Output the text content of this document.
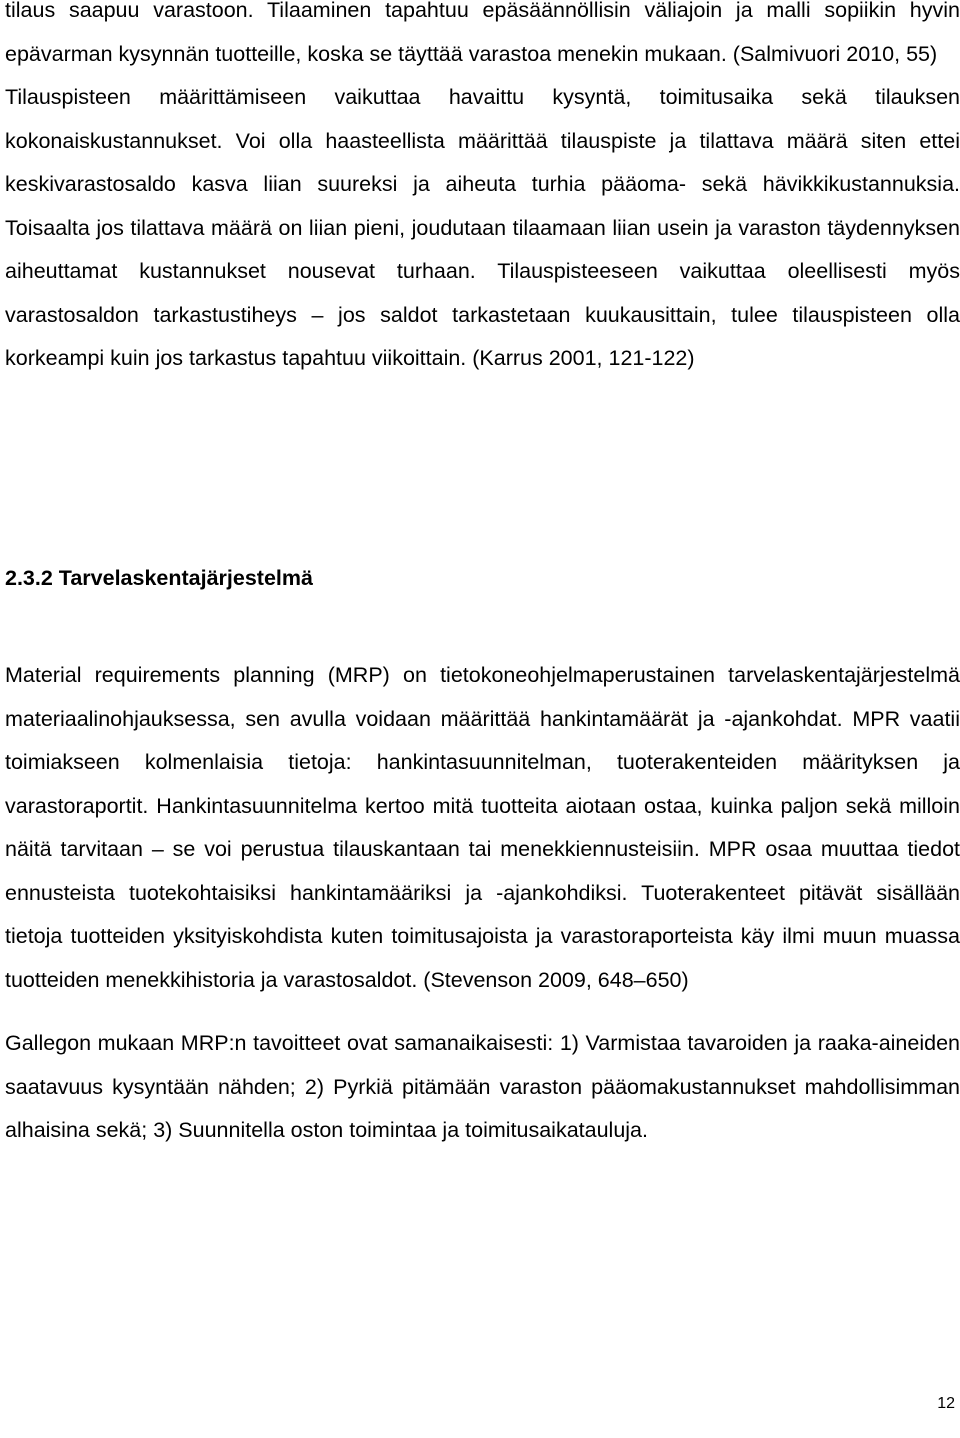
tilaus saapuu varastoon. Tilaaminen tapahtuu epäsäännöllisin väliajoin ja malli sopiikin hyvin epävarman kysynnän tuotteille, koska se täyttää varastoa menekin mukaan. (Salmivuori 2010, 55)

Tilauspisteen määrittämiseen vaikuttaa havaittu kysyntä, toimitusaika sekä tilauksen kokonaiskustannukset. Voi olla haasteellista määrittää tilauspiste ja tilattava määrä siten ettei keskivarastosaldo kasva liian suureksi ja aiheuta turhia pääoma- sekä hävikkikustannuksia. Toisaalta jos tilattava määrä on liian pieni, joudutaan tilaamaan liian usein ja varaston täydennyksen aiheuttamat kustannukset nousevat turhaan. Tilauspisteeseen vaikuttaa oleellisesti myös varastosaldon tarkastustiheys – jos saldot tarkastetaan kuukausittain, tulee tilauspisteen olla korkeampi kuin jos tarkastus tapahtuu viikoittain. (Karrus 2001, 121-122)

2.3.2 Tarvelaskentajärjestelmä

Material requirements planning (MRP) on tietokoneohjelmaperustainen tarvelaskentajärjestelmä materiaalinohjauksessa, sen avulla voidaan määrittää hankintamäärät ja -ajankohdat. MPR vaatii toimiakseen kolmenlaisia tietoja: hankintasuunnitelman, tuoterakenteiden määrityksen ja varastoraportit. Hankintasuunnitelma kertoo mitä tuotteita aiotaan ostaa, kuinka paljon sekä milloin näitä tarvitaan – se voi perustua tilauskantaan tai menekkiennusteisiin. MPR osaa muuttaa tiedot ennusteista tuotekohtaisiksi hankintamääriksi ja -ajankohdiksi. Tuoterakenteet pitävät sisällään tietoja tuotteiden yksityiskohdista kuten toimitusajoista ja varastoraporteista käy ilmi muun muassa tuotteiden menekkihistoria ja varastosaldot. (Stevenson 2009, 648–650)

Gallegon mukaan MRP:n tavoitteet ovat samanaikaisesti: 1) Varmistaa tavaroiden ja raaka-aineiden saatavuus kysyntään nähden; 2) Pyrkiä pitämään varaston pääomakustannukset mahdollisimman alhaisina sekä; 3) Suunnitella oston toimintaa ja toimitusaikatauluja.

12
